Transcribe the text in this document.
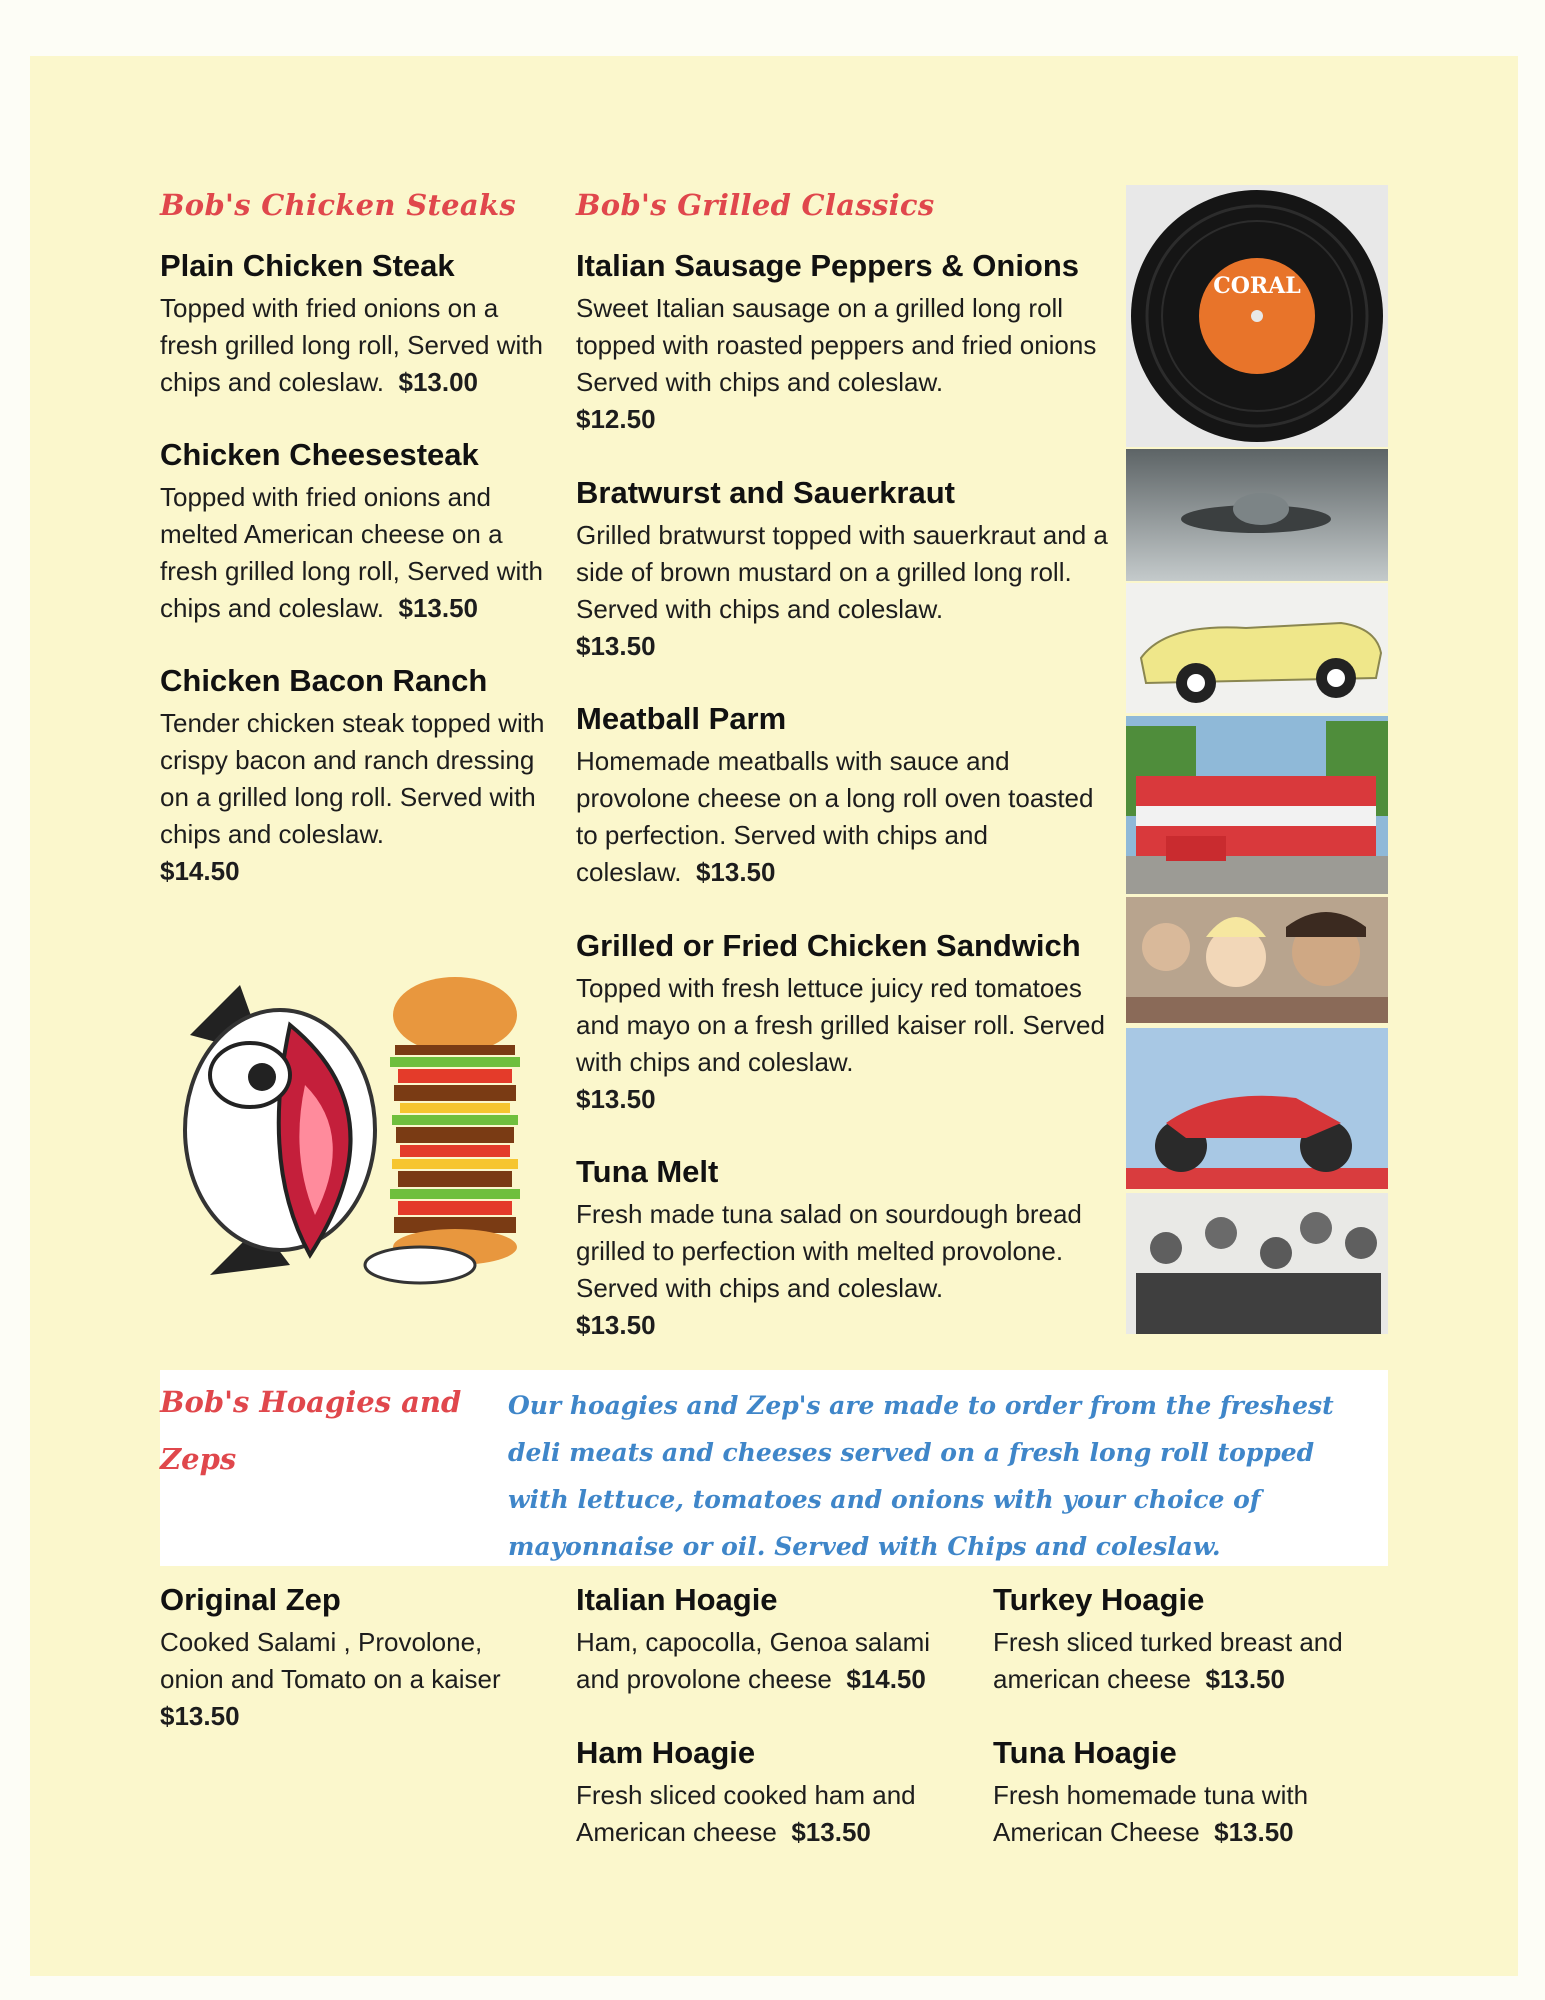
Bob's Chicken Steaks
Plain Chicken Steak

Topped with fried onions on a fresh grilled long roll, Served with chips and coleslaw. $13.00

Chicken Cheesesteak

Topped with fried onions and melted American cheese on a fresh grilled long roll, Served with chips and coleslaw. $13.50

Chicken Bacon Ranch

Tender chicken steak topped with crispy bacon and ranch dressing on a grilled long roll. Served with chips and coleslaw.
$14.50

Bob's Grilled Classics
Italian Sausage Peppers & Onions

Sweet Italian sausage on a grilled long roll topped with roasted peppers and fried onions Served with chips and coleslaw.
$12.50

Bratwurst and Sauerkraut

Grilled bratwurst topped with sauerkraut and a side of brown mustard on a grilled long roll. Served with chips and coleslaw.
$13.50

Meatball Parm

Homemade meatballs with sauce and provolone cheese on a long roll oven toasted to perfection. Served with chips and coleslaw. $13.50

Grilled or Fried Chicken Sandwich

Topped with fresh lettuce juicy red tomatoes and mayo on a fresh grilled kaiser roll. Served with chips and coleslaw.
$13.50

Tuna Melt

Fresh made tuna salad on sourdough bread grilled to perfection with melted provolone. Served with chips and coleslaw.
$13.50

CORAL
Bob's Hoagies and Zeps
Our hoagies and Zep's are made to order from the freshest deli meats and cheeses served on a fresh long roll topped with lettuce, tomatoes and onions with your choice of mayonnaise or oil. Served with Chips and coleslaw.
Original Zep

Cooked Salami , Provolone, onion and Tomato on a kaiser
$13.50

Italian Hoagie

Ham, capocolla, Genoa salami and provolone cheese $14.50

Turkey Hoagie

Fresh sliced turked breast and american cheese $13.50

Ham Hoagie

Fresh sliced cooked ham and American cheese $13.50

Tuna Hoagie

Fresh homemade tuna with American Cheese $13.50
